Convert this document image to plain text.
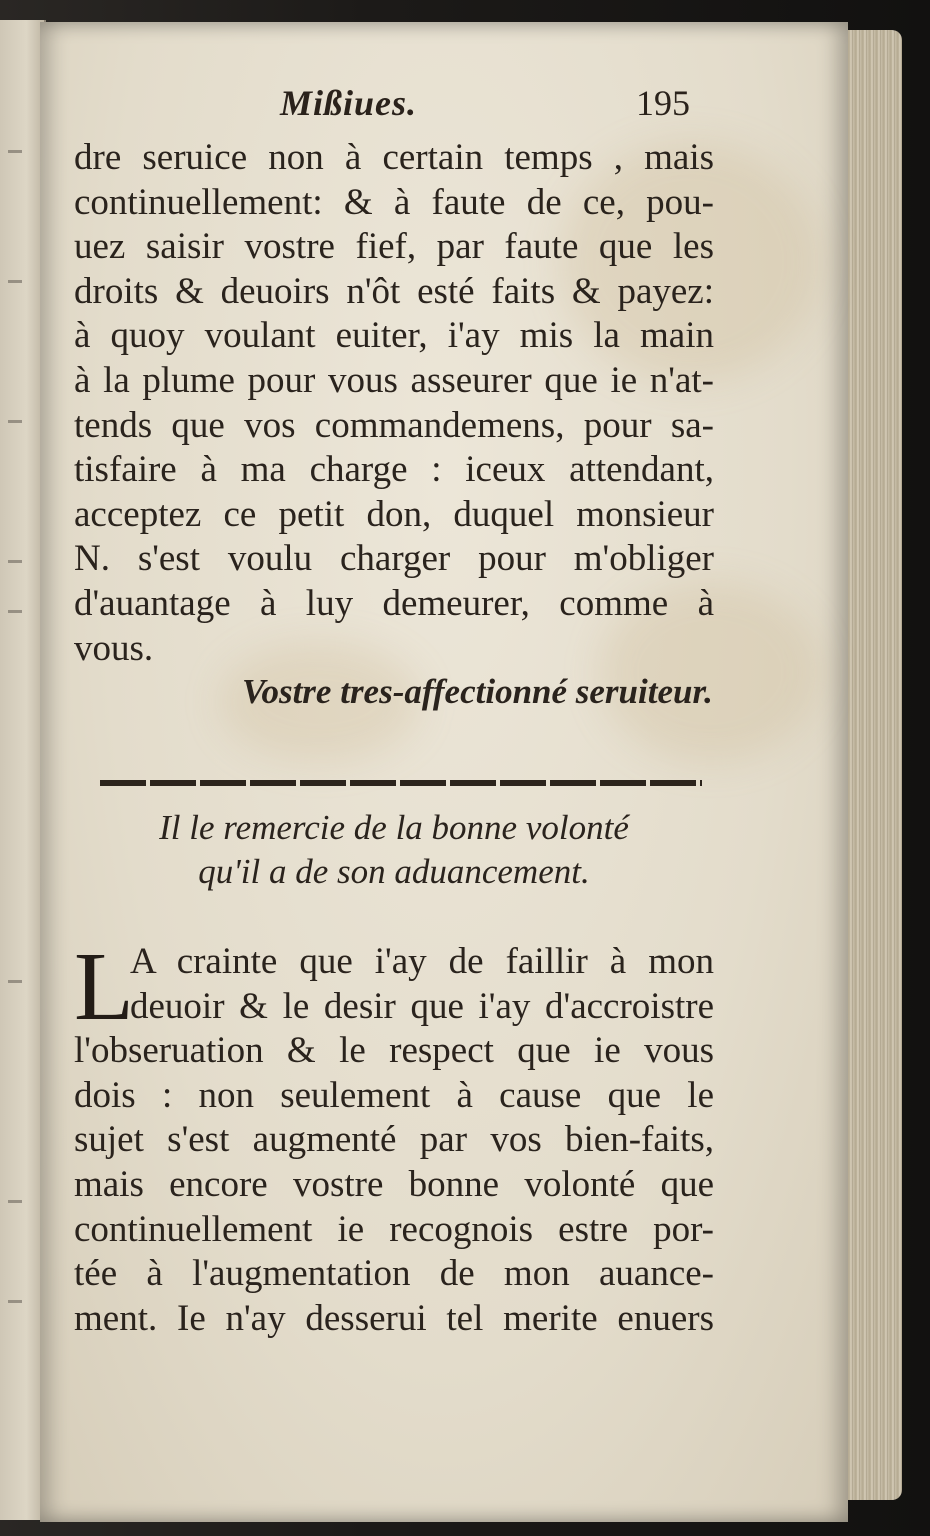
Mißiues.	195
dre seruice non à certain temps , mais
continuellement: & à faute de ce, pou-
uez saisir vostre fief, par faute que les
droits & deuoirs n'ôt esté faits & payez:
à quoy voulant euiter, i'ay mis la main
à la plume pour vous asseurer que ie n'at-
tends que vos commandemens, pour sa-
tisfaire à ma charge : iceux attendant,
acceptez ce petit don, duquel monsieur
N. s'est voulu charger pour m'obliger
d'auantage à luy demeurer, comme à
vous.
Vostre tres-affectionné seruiteur.
Il le remercie de la bonne volonté
qu'il a de son aduancement.
L
A crainte que i'ay de faillir à mon
deuoir & le desir que i'ay d'accroistre
l'obseruation & le respect que ie vous
dois : non seulement à cause que le
sujet s'est augmenté par vos bien-faits,
mais encore vostre bonne volonté que
continuellement ie recognois estre por-
tée à l'augmentation de mon auance-
ment. Ie n'ay desserui tel merite enuers
